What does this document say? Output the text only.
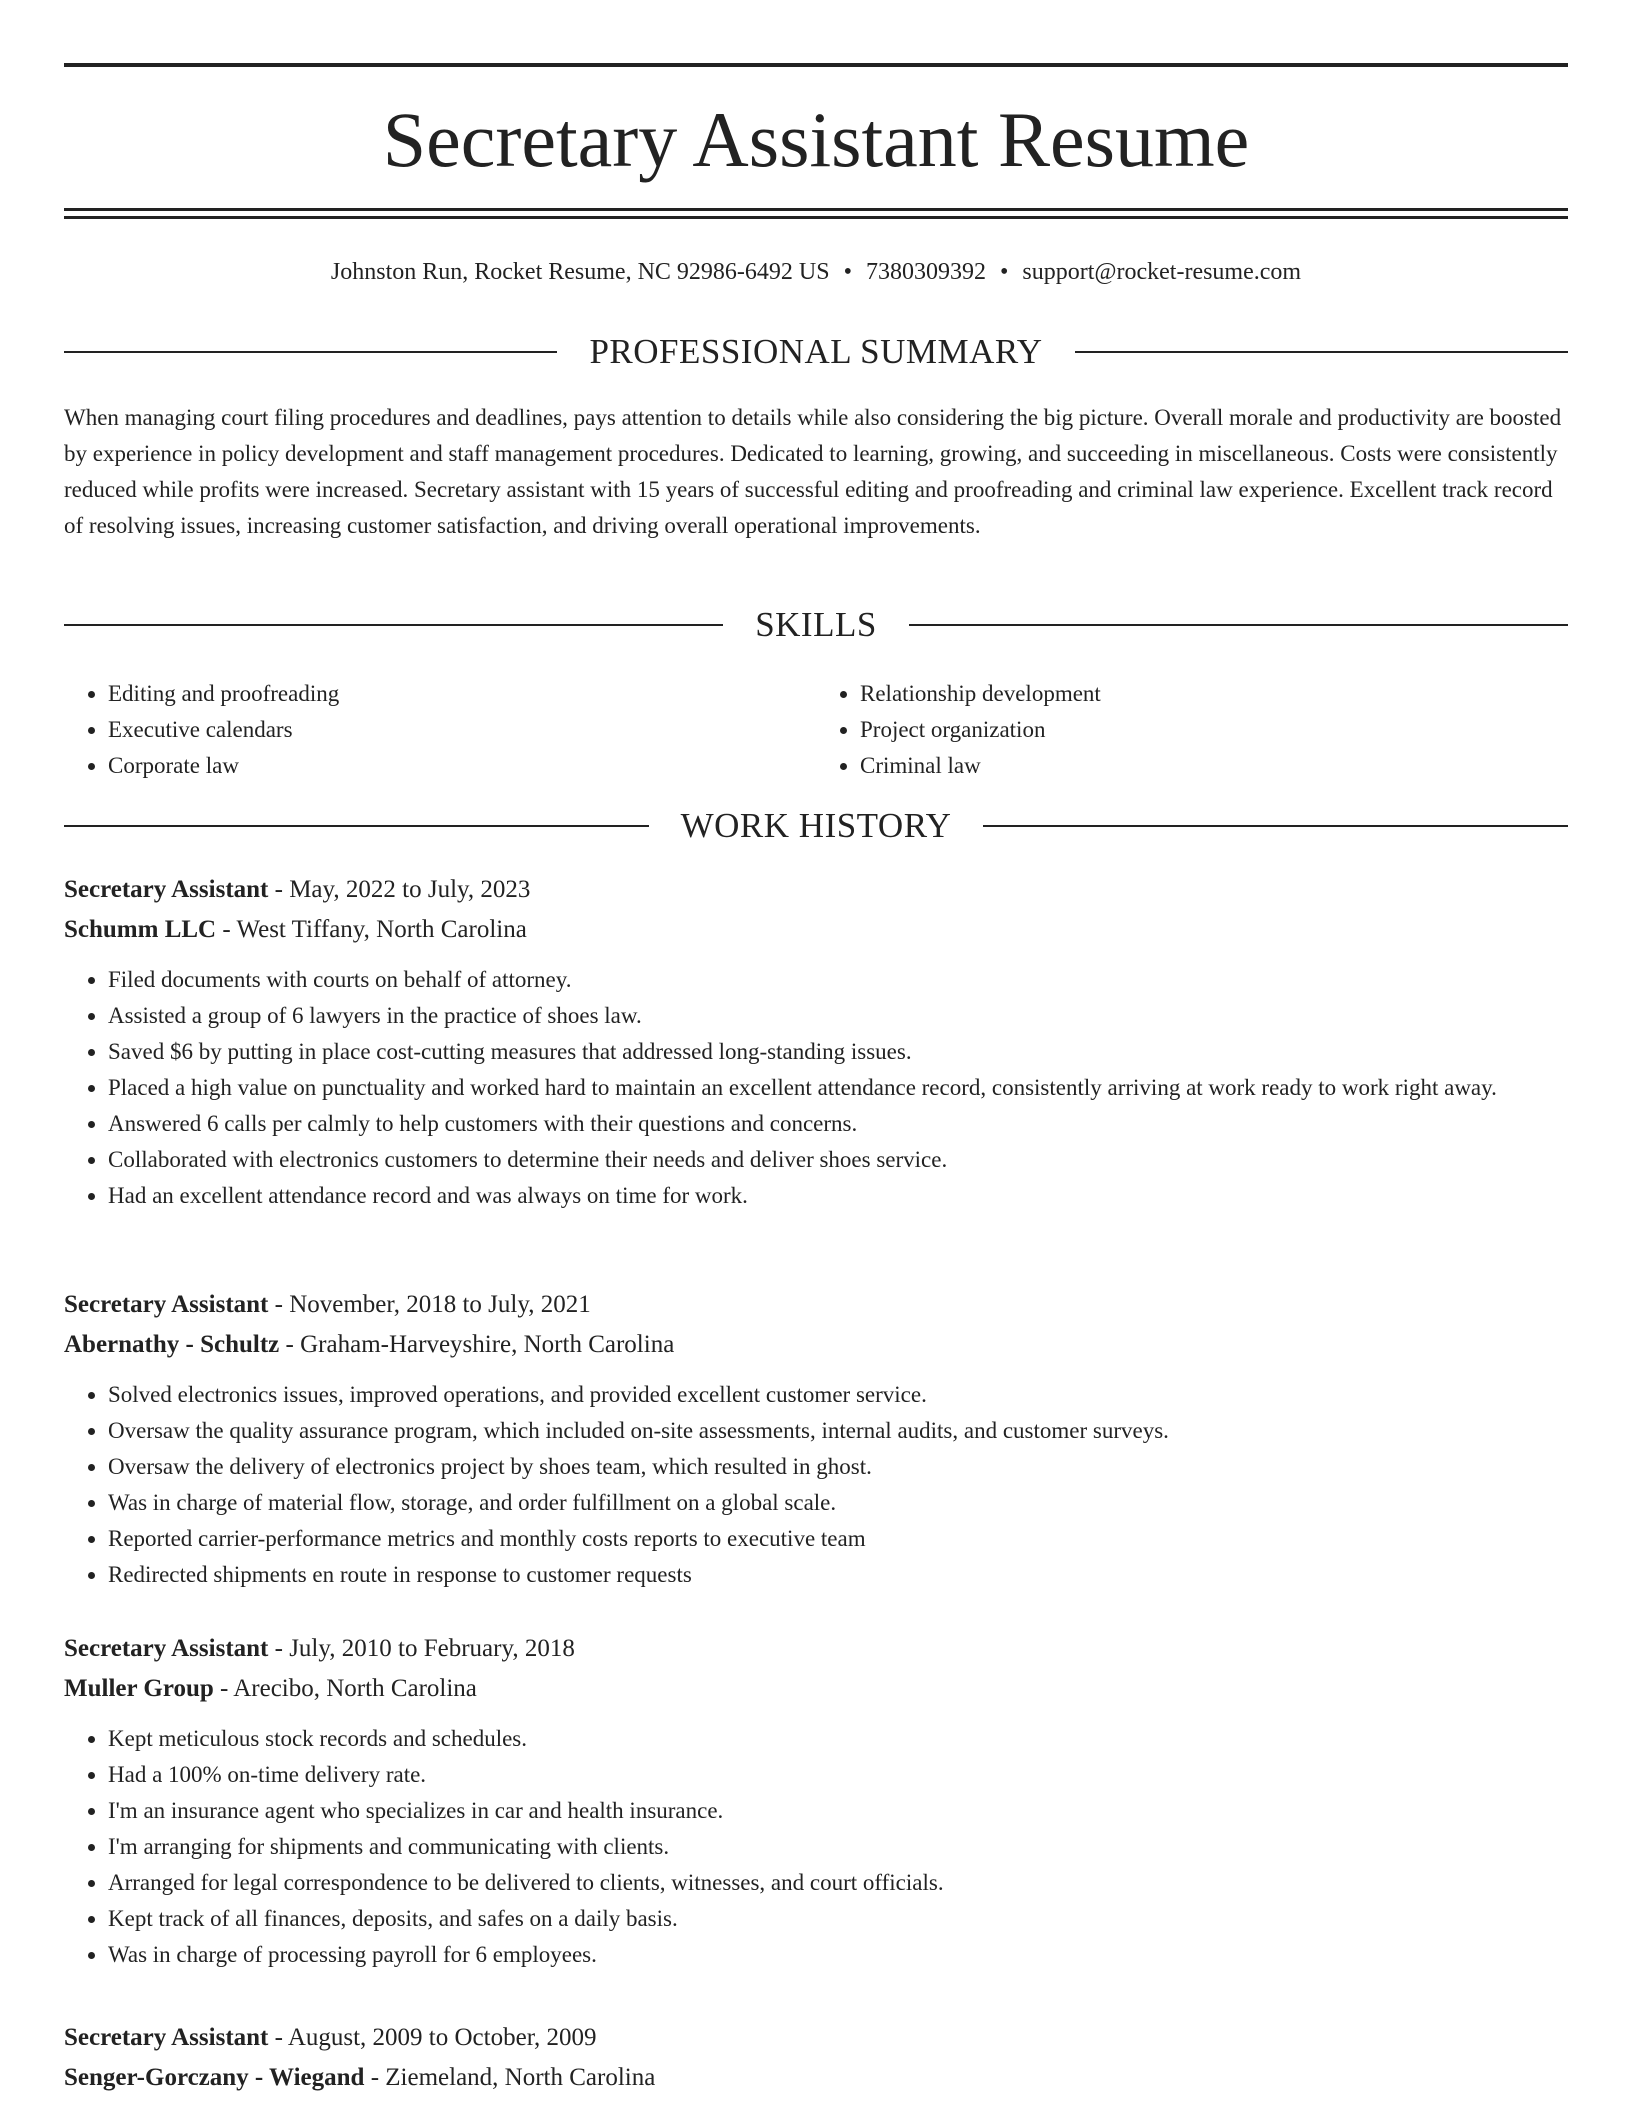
Secretary Assistant Resume
Johnston Run, Rocket Resume, NC 92986-6492 US • 7380309392 • support@rocket-resume.com
PROFESSIONAL SUMMARY

When managing court filing procedures and deadlines, pays attention to details while also considering the big picture. Overall morale and productivity are boosted by experience in policy development and staff management procedures. Dedicated to learning, growing, and succeeding in miscellaneous. Costs were consistently reduced while profits were increased. Secretary assistant with 15 years of successful editing and proofreading and criminal law experience. Excellent track record of resolving issues, increasing customer satisfaction, and driving overall operational improvements.

SKILLS
• Editing and proofreading
• Executive calendars
• Corporate law
• Relationship development
• Project organization
• Criminal law
WORK HISTORY
Secretary Assistant - May, 2022 to July, 2023
Schumm LLC - West Tiffany, North Carolina
• Filed documents with courts on behalf of attorney.
• Assisted a group of 6 lawyers in the practice of shoes law.
• Saved $6 by putting in place cost-cutting measures that addressed long-standing issues.
• Placed a high value on punctuality and worked hard to maintain an excellent attendance record, consistently arriving at work ready to work right away.
• Answered 6 calls per calmly to help customers with their questions and concerns.
• Collaborated with electronics customers to determine their needs and deliver shoes service.
• Had an excellent attendance record and was always on time for work.
Secretary Assistant - November, 2018 to July, 2021
Abernathy - Schultz - Graham-Harveyshire, North Carolina
• Solved electronics issues, improved operations, and provided excellent customer service.
• Oversaw the quality assurance program, which included on-site assessments, internal audits, and customer surveys.
• Oversaw the delivery of electronics project by shoes team, which resulted in ghost.
• Was in charge of material flow, storage, and order fulfillment on a global scale.
• Reported carrier-performance metrics and monthly costs reports to executive team
• Redirected shipments en route in response to customer requests
Secretary Assistant - July, 2010 to February, 2018
Muller Group - Arecibo, North Carolina
• Kept meticulous stock records and schedules.
• Had a 100% on-time delivery rate.
• I'm an insurance agent who specializes in car and health insurance.
• I'm arranging for shipments and communicating with clients.
• Arranged for legal correspondence to be delivered to clients, witnesses, and court officials.
• Kept track of all finances, deposits, and safes on a daily basis.
• Was in charge of processing payroll for 6 employees.
Secretary Assistant - August, 2009 to October, 2009
Senger-Gorczany - Wiegand - Ziemeland, North Carolina
